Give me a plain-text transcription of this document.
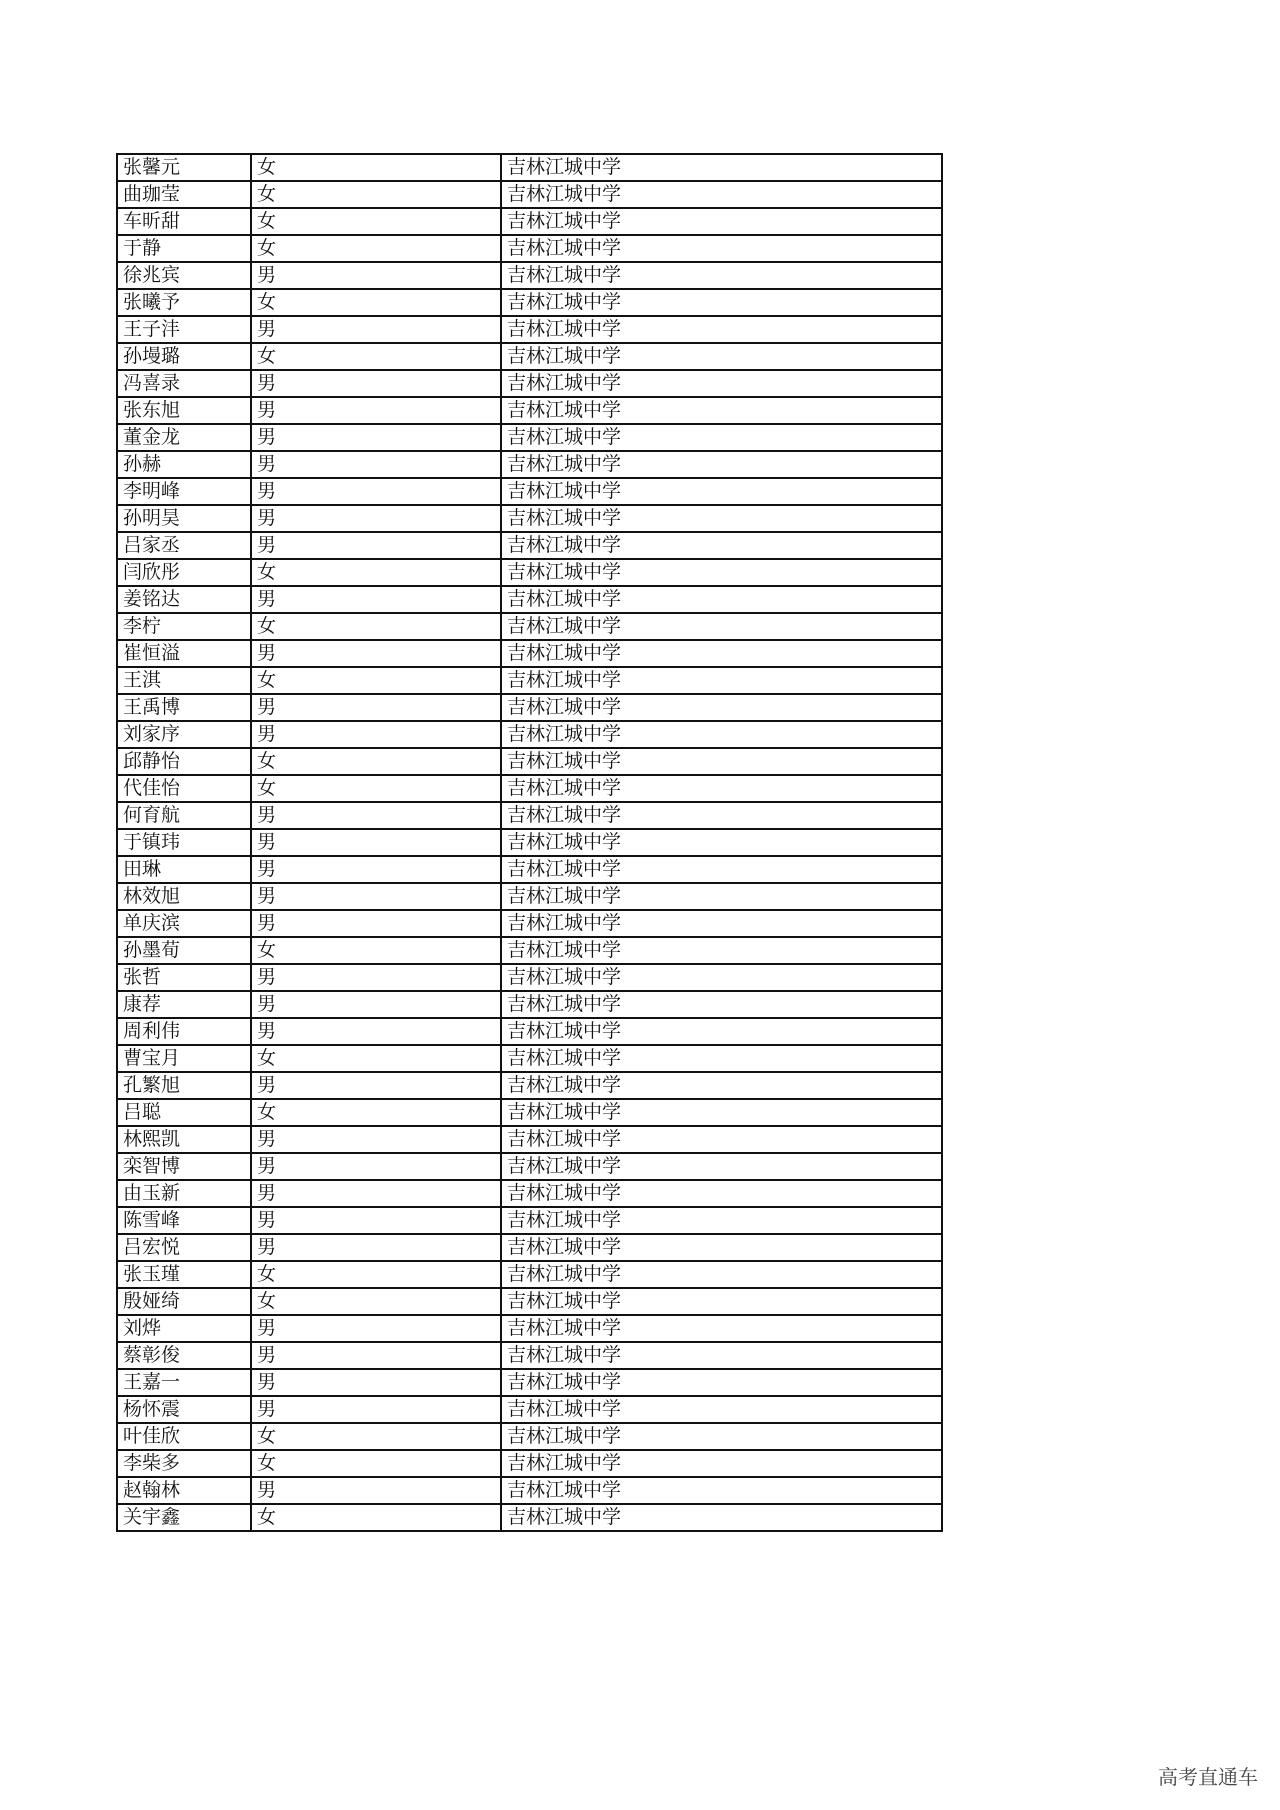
张馨元	女	吉林江城中学
曲珈莹	女	吉林江城中学
车昕甜	女	吉林江城中学
于静	女	吉林江城中学
徐兆宾	男	吉林江城中学
张曦予	女	吉林江城中学
王子沣	男	吉林江城中学
孙墁璐	女	吉林江城中学
冯喜录	男	吉林江城中学
张东旭	男	吉林江城中学
董金龙	男	吉林江城中学
孙赫	男	吉林江城中学
李明峰	男	吉林江城中学
孙明昊	男	吉林江城中学
吕家丞	男	吉林江城中学
闫欣彤	女	吉林江城中学
姜铭达	男	吉林江城中学
李柠	女	吉林江城中学
崔恒溢	男	吉林江城中学
王淇	女	吉林江城中学
王禹博	男	吉林江城中学
刘家序	男	吉林江城中学
邱静怡	女	吉林江城中学
代佳怡	女	吉林江城中学
何育航	男	吉林江城中学
于镇玮	男	吉林江城中学
田琳	男	吉林江城中学
林效旭	男	吉林江城中学
单庆滨	男	吉林江城中学
孙墨荀	女	吉林江城中学
张哲	男	吉林江城中学
康荐	男	吉林江城中学
周利伟	男	吉林江城中学
曹宝月	女	吉林江城中学
孔繁旭	男	吉林江城中学
吕聪	女	吉林江城中学
林熙凯	男	吉林江城中学
栾智博	男	吉林江城中学
由玉新	男	吉林江城中学
陈雪峰	男	吉林江城中学
吕宏悦	男	吉林江城中学
张玉瑾	女	吉林江城中学
殷娅绮	女	吉林江城中学
刘烨	男	吉林江城中学
蔡彰俊	男	吉林江城中学
王嘉一	男	吉林江城中学
杨怀震	男	吉林江城中学
叶佳欣	女	吉林江城中学
李柴多	女	吉林江城中学
赵翰林	男	吉林江城中学
关宇鑫	女	吉林江城中学
高考直通车
